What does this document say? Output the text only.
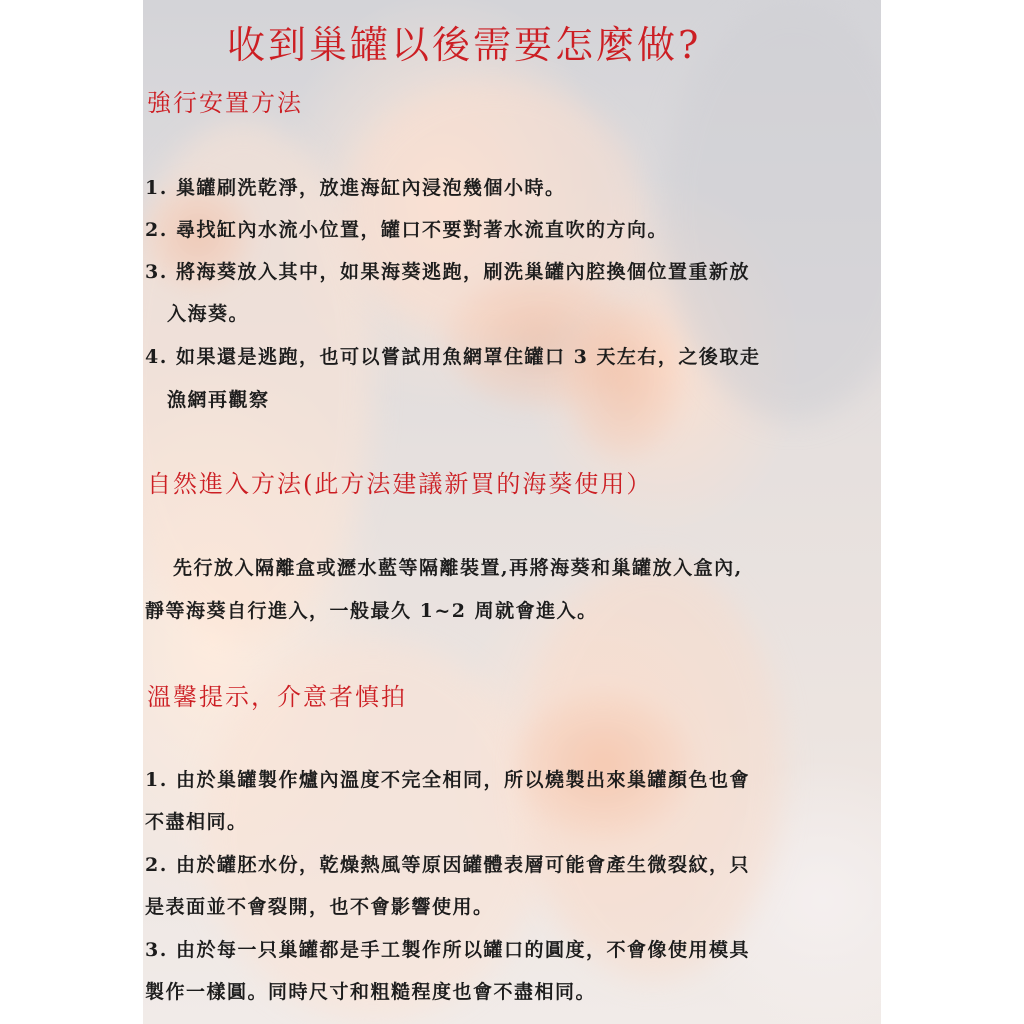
收到巢罐以後需要怎麼做?

強行安置方法

1. 巢罐刷洗乾淨，放進海缸內浸泡幾個小時。

2. 尋找缸內水流小位置，罐口不要對著水流直吹的方向。

3. 將海葵放入其中，如果海葵逃跑，刷洗巢罐內腔換個位置重新放

入海葵。

4. 如果還是逃跑，也可以嘗試用魚網罩住罐口 3 天左右，之後取走

漁網再觀察

自然進入方法(此方法建議新買的海葵使用）

先行放入隔離盒或瀝水藍等隔離裝置,再將海葵和巢罐放入盒內,

靜等海葵自行進入，一般最久 1~2 周就會進入。

溫馨提示，介意者慎拍

1. 由於巢罐製作爐內溫度不完全相同，所以燒製出來巢罐顏色也會

不盡相同。

2. 由於罐胚水份，乾燥熱風等原因罐體表層可能會產生微裂紋，只

是表面並不會裂開，也不會影響使用。

3. 由於每一只巢罐都是手工製作所以罐口的圓度，不會像使用模具

製作一樣圓。同時尺寸和粗糙程度也會不盡相同。
